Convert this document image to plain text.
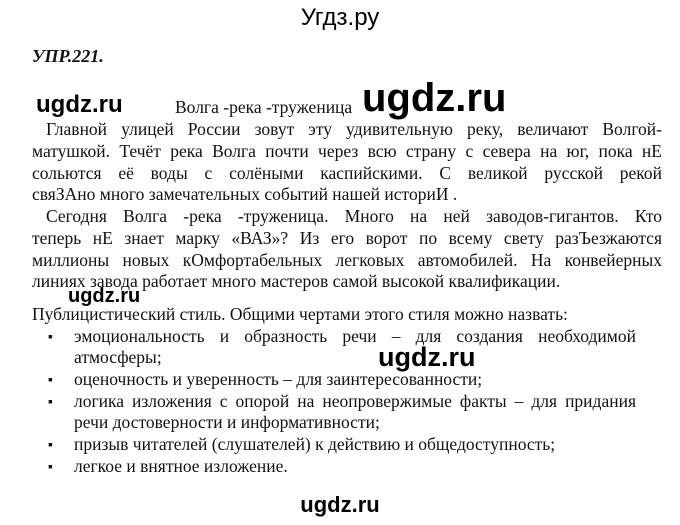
Угдз.ру
УПР.221.
ugdz.ru	Волга -река -труженица ugdz.ru
Главной улицей России зовут эту удивительную реку, величают Волгой-
матушкой. Течёт река Волга почти через всю страну с севера на юг, пока нЕ
сольются её воды с солёными каспийскими. С великой русской рекой
свяЗАно много замечательных событий нашей историИ .
Сегодня Волга -река -труженица. Много на ней заводов-гигантов. Кто
теперь нЕ знает марку «ВАЗ»? Из его ворот по всему свету разЪезжаются
миллионы новых кОмфортабельных легковых автомобилей. На конвейерных
линиях завода работает много мастеров самой высокой квалификации.
ugdz.ru
Публицистический стиль. Общими чертами этого стиля можно назвать:
▪ эмоциональность и образность речи – для создания необходимой
атмосферы;	ugdz.ru
▪ оценочность и уверенность – для заинтересованности;
▪ логика изложения с опорой на неопровержимые факты – для придания
речи достоверности и информативности;
▪ призыв читателей (слушателей) к действию и общедоступность;
▪ легкое и внятное изложение.
ugdz.ru
